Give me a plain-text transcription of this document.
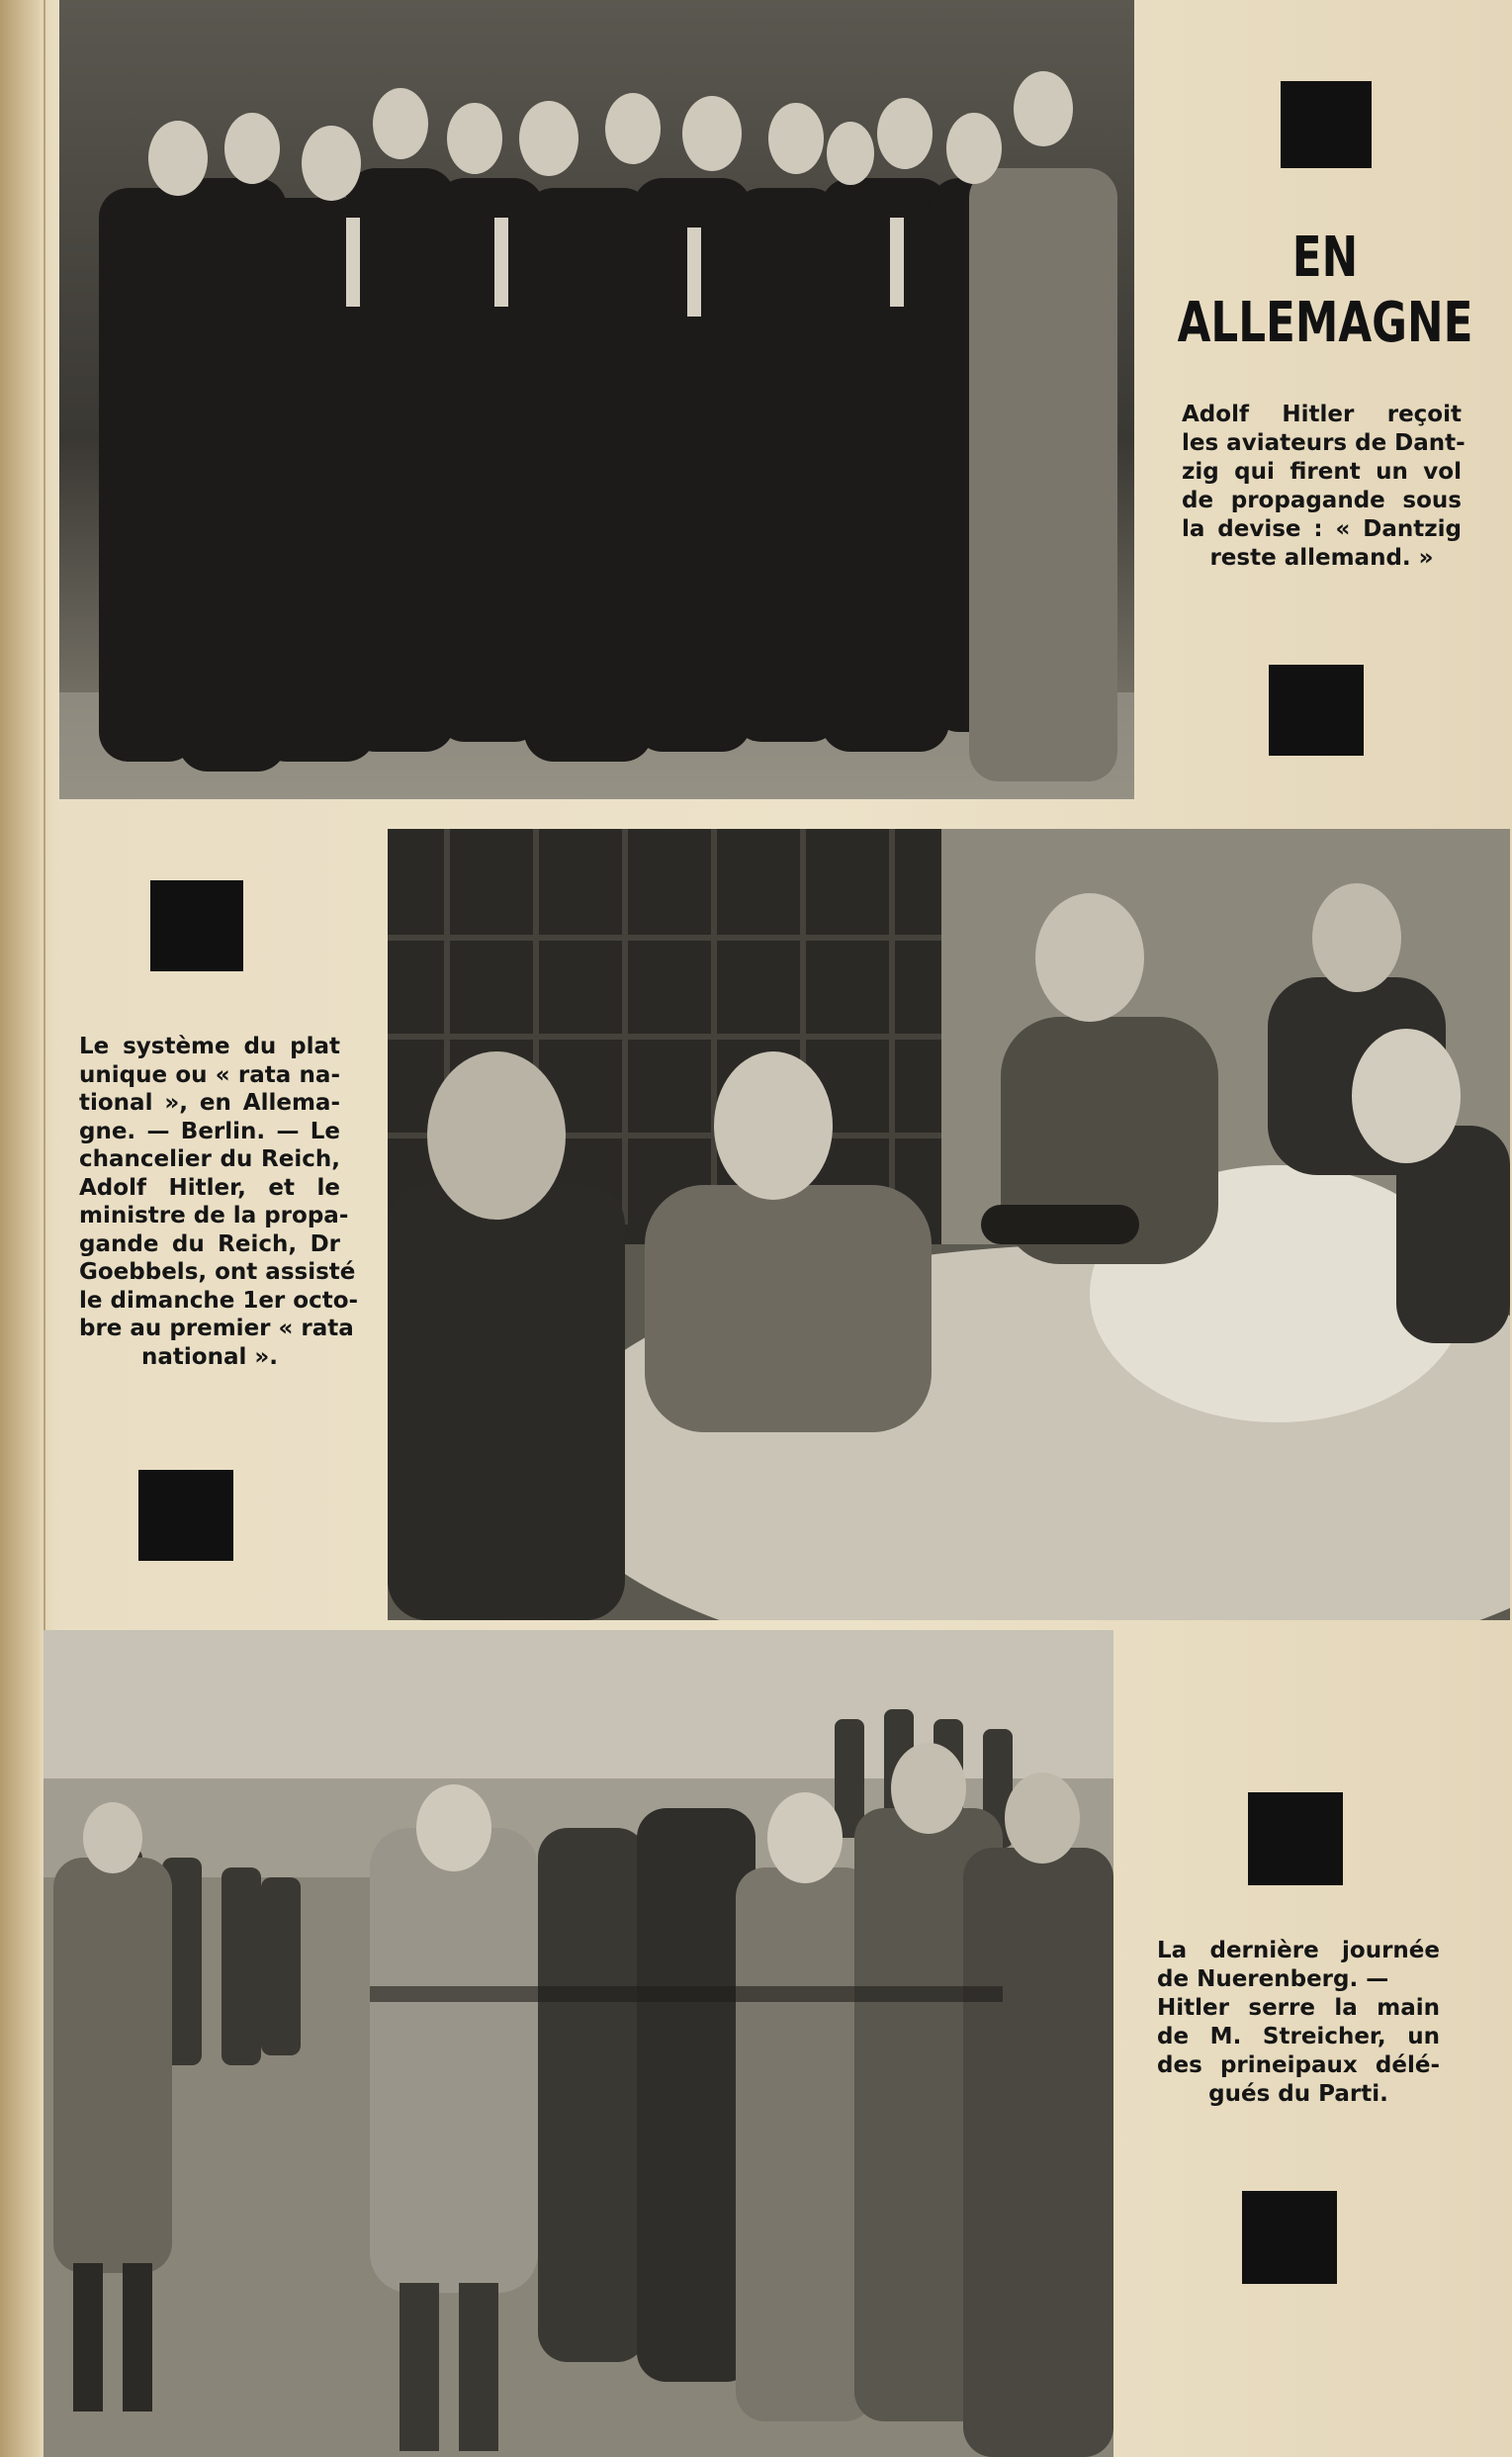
EN
ALLEMAGNE
Adolf Hitler reçoit
les aviateurs de Dant-
zig qui firent un vol
de propagande sous
la devise : « Dantzig
reste allemand. »
Le système du plat
unique ou « rata na-
tional », en Allema-
gne. — Berlin. — Le
chancelier du Reich,
Adolf Hitler, et le
ministre de la propa-
gande du Reich, Dr
Goebbels, ont assisté
le dimanche 1er octo-
bre au premier « rata
national ».
La dernière journée
de Nuerenberg. —
Hitler serre la main
de M. Streicher, un
des prineipaux délé-
gués du Parti.
